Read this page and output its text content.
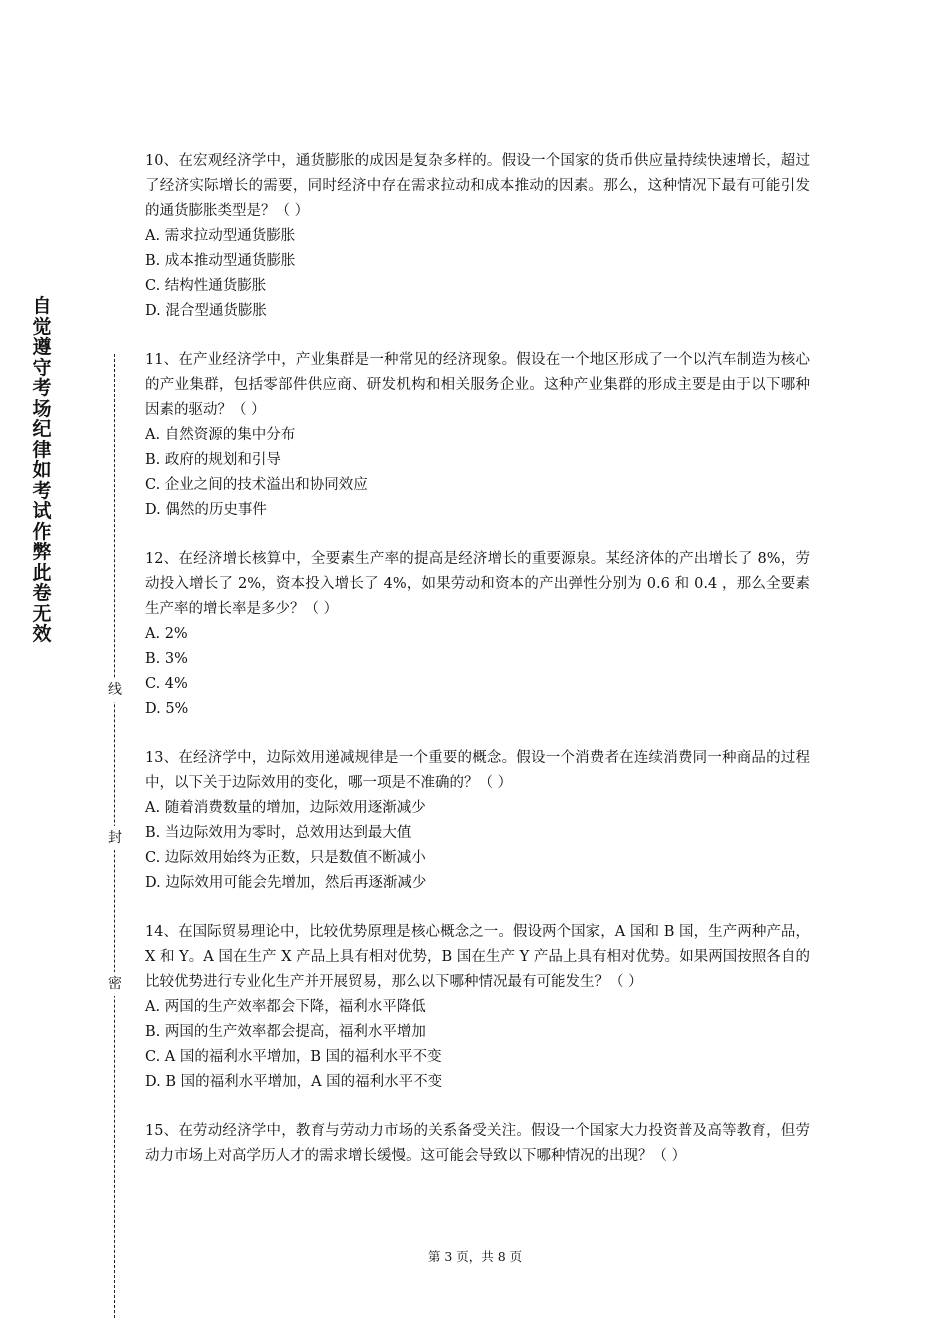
自觉遵守考场纪律如考试作弊此卷无效
线
封
密
10、在宏观经济学中，通货膨胀的成因是复杂多样的。假设一个国家的货币供应量持续快速增长，超过了经济实际增长的需要，同时经济中存在需求拉动和成本推动的因素。那么，这种情况下最有可能引发的通货膨胀类型是？（ ）
A. 需求拉动型通货膨胀
B. 成本推动型通货膨胀
C. 结构性通货膨胀
D. 混合型通货膨胀
11、在产业经济学中，产业集群是一种常见的经济现象。假设在一个地区形成了一个以汽车制造为核心的产业集群，包括零部件供应商、研发机构和相关服务企业。这种产业集群的形成主要是由于以下哪种因素的驱动？（ ）
A. 自然资源的集中分布
B. 政府的规划和引导
C. 企业之间的技术溢出和协同效应
D. 偶然的历史事件
12、在经济增长核算中，全要素生产率的提高是经济增长的重要源泉。某经济体的产出增长了 8%，劳动投入增长了 2%，资本投入增长了 4%，如果劳动和资本的产出弹性分别为 0.6 和 0.4 ，那么全要素生产率的增长率是多少？（ ）
A. 2%
B. 3%
C. 4%
D. 5%
13、在经济学中，边际效用递减规律是一个重要的概念。假设一个消费者在连续消费同一种商品的过程中，以下关于边际效用的变化，哪一项是不准确的？（ ）
A. 随着消费数量的增加，边际效用逐渐减少
B. 当边际效用为零时，总效用达到最大值
C. 边际效用始终为正数，只是数值不断减小
D. 边际效用可能会先增加，然后再逐渐减少
14、在国际贸易理论中，比较优势原理是核心概念之一。假设两个国家，A 国和 B 国，生产两种产品，X 和 Y。A 国在生产 X 产品上具有相对优势，B 国在生产 Y 产品上具有相对优势。如果两国按照各自的比较优势进行专业化生产并开展贸易，那么以下哪种情况最有可能发生？（ ）
A. 两国的生产效率都会下降，福利水平降低
B. 两国的生产效率都会提高，福利水平增加
C. A 国的福利水平增加，B 国的福利水平不变
D. B 国的福利水平增加，A 国的福利水平不变
15、在劳动经济学中，教育与劳动力市场的关系备受关注。假设一个国家大力投资普及高等教育，但劳动力市场上对高学历人才的需求增长缓慢。这可能会导致以下哪种情况的出现？（ ）
第 3 页，共 8 页
